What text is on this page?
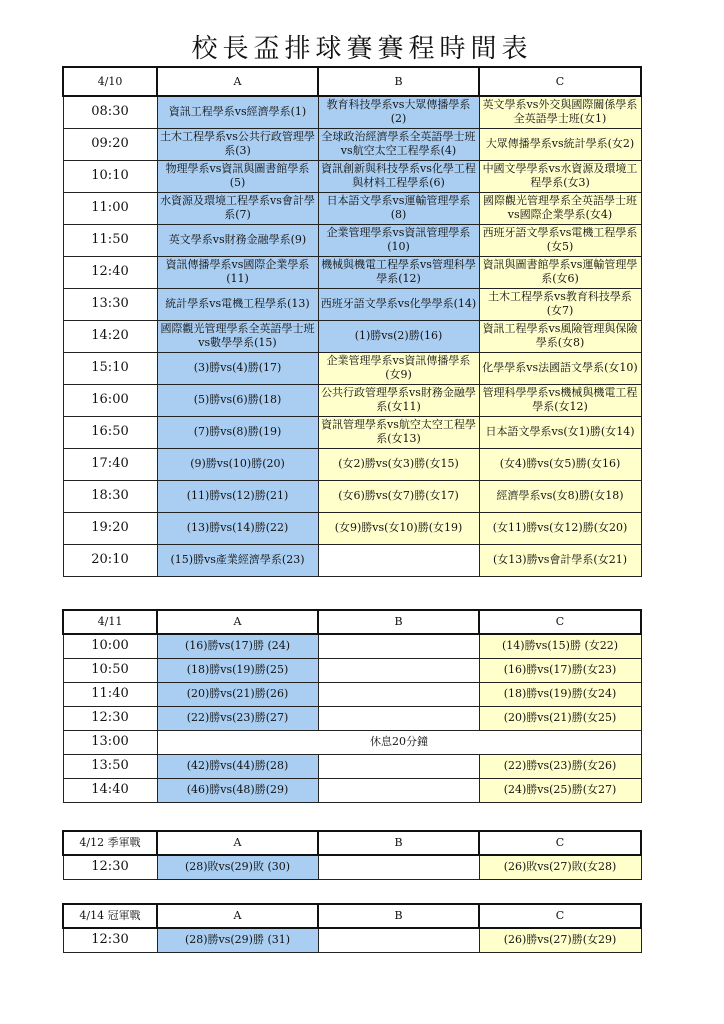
校長盃排球賽賽程時間表
4/10	A	B	C
08:30	資訊工程學系vs經濟學系(1)	教育科技學系vs大眾傳播學系(2)	英文學系vs外交與國際關係學系全英語學士班(女1)
09:20	土木工程學系vs公共行政管理學系(3)	全球政治經濟學系全英語學士班vs航空太空工程學系(4)	大眾傳播學系vs統計學系(女2)
10:10	物理學系vs資訊與圖書館學系(5)	資訊創新與科技學系vs化學工程與材料工程學系(6)	中國文學學系vs水資源及環境工程學系(女3)
11:00	水資源及環境工程學系vs會計學系(7)	日本語文學系vs運輸管理學系(8)	國際觀光管理學系全英語學士班vs國際企業學系(女4)
11:50	英文學系vs財務金融學系(9)	企業管理學系vs資訊管理學系(10)	西班牙語文學系vs電機工程學系(女5)
12:40	資訊傳播學系vs國際企業學系(11)	機械與機電工程學系vs管理科學學系(12)	資訊與圖書館學系vs運輸管理學系(女6)
13:30	統計學系vs電機工程學系(13)	西班牙語文學系vs化學學系(14)	土木工程學系vs教育科技學系(女7)
14:20	國際觀光管理學系全英語學士班vs數學學系(15)	(1)勝vs(2)勝(16)	資訊工程學系vs風險管理與保險學系(女8)
15:10	(3)勝vs(4)勝(17)	企業管理學系vs資訊傳播學系(女9)	化學學系vs法國語文學系(女10)
16:00	(5)勝vs(6)勝(18)	公共行政管理學系vs財務金融學系(女11)	管理科學學系vs機械與機電工程學系(女12)
16:50	(7)勝vs(8)勝(19)	資訊管理學系vs航空太空工程學系(女13)	日本語文學系vs(女1)勝(女14)
17:40	(9)勝vs(10)勝(20)	(女2)勝vs(女3)勝(女15)	(女4)勝vs(女5)勝(女16)
18:30	(11)勝vs(12)勝(21)	(女6)勝vs(女7)勝(女17)	經濟學系vs(女8)勝(女18)
19:20	(13)勝vs(14)勝(22)	(女9)勝vs(女10)勝(女19)	(女11)勝vs(女12)勝(女20)
20:10	(15)勝vs產業經濟學系(23)		(女13)勝vs會計學系(女21)
4/11	A	B	C
10:00	(16)勝vs(17)勝 (24)		(14)勝vs(15)勝 (女22)
10:50	(18)勝vs(19)勝(25)		(16)勝vs(17)勝(女23)
11:40	(20)勝vs(21)勝(26)		(18)勝vs(19)勝(女24)
12:30	(22)勝vs(23)勝(27)		(20)勝vs(21)勝(女25)
13:00	休息20分鐘		
13:50	(42)勝vs(44)勝(28)		(22)勝vs(23)勝(女26)
14:40	(46)勝vs(48)勝(29)		(24)勝vs(25)勝(女27)
4/12 季軍戰	A	B	C
12:30	(28)敗vs(29)敗 (30)		(26)敗vs(27)敗(女28)
4/14 冠軍戰	A	B	C
12:30	(28)勝vs(29)勝 (31)		(26)勝vs(27)勝(女29)
